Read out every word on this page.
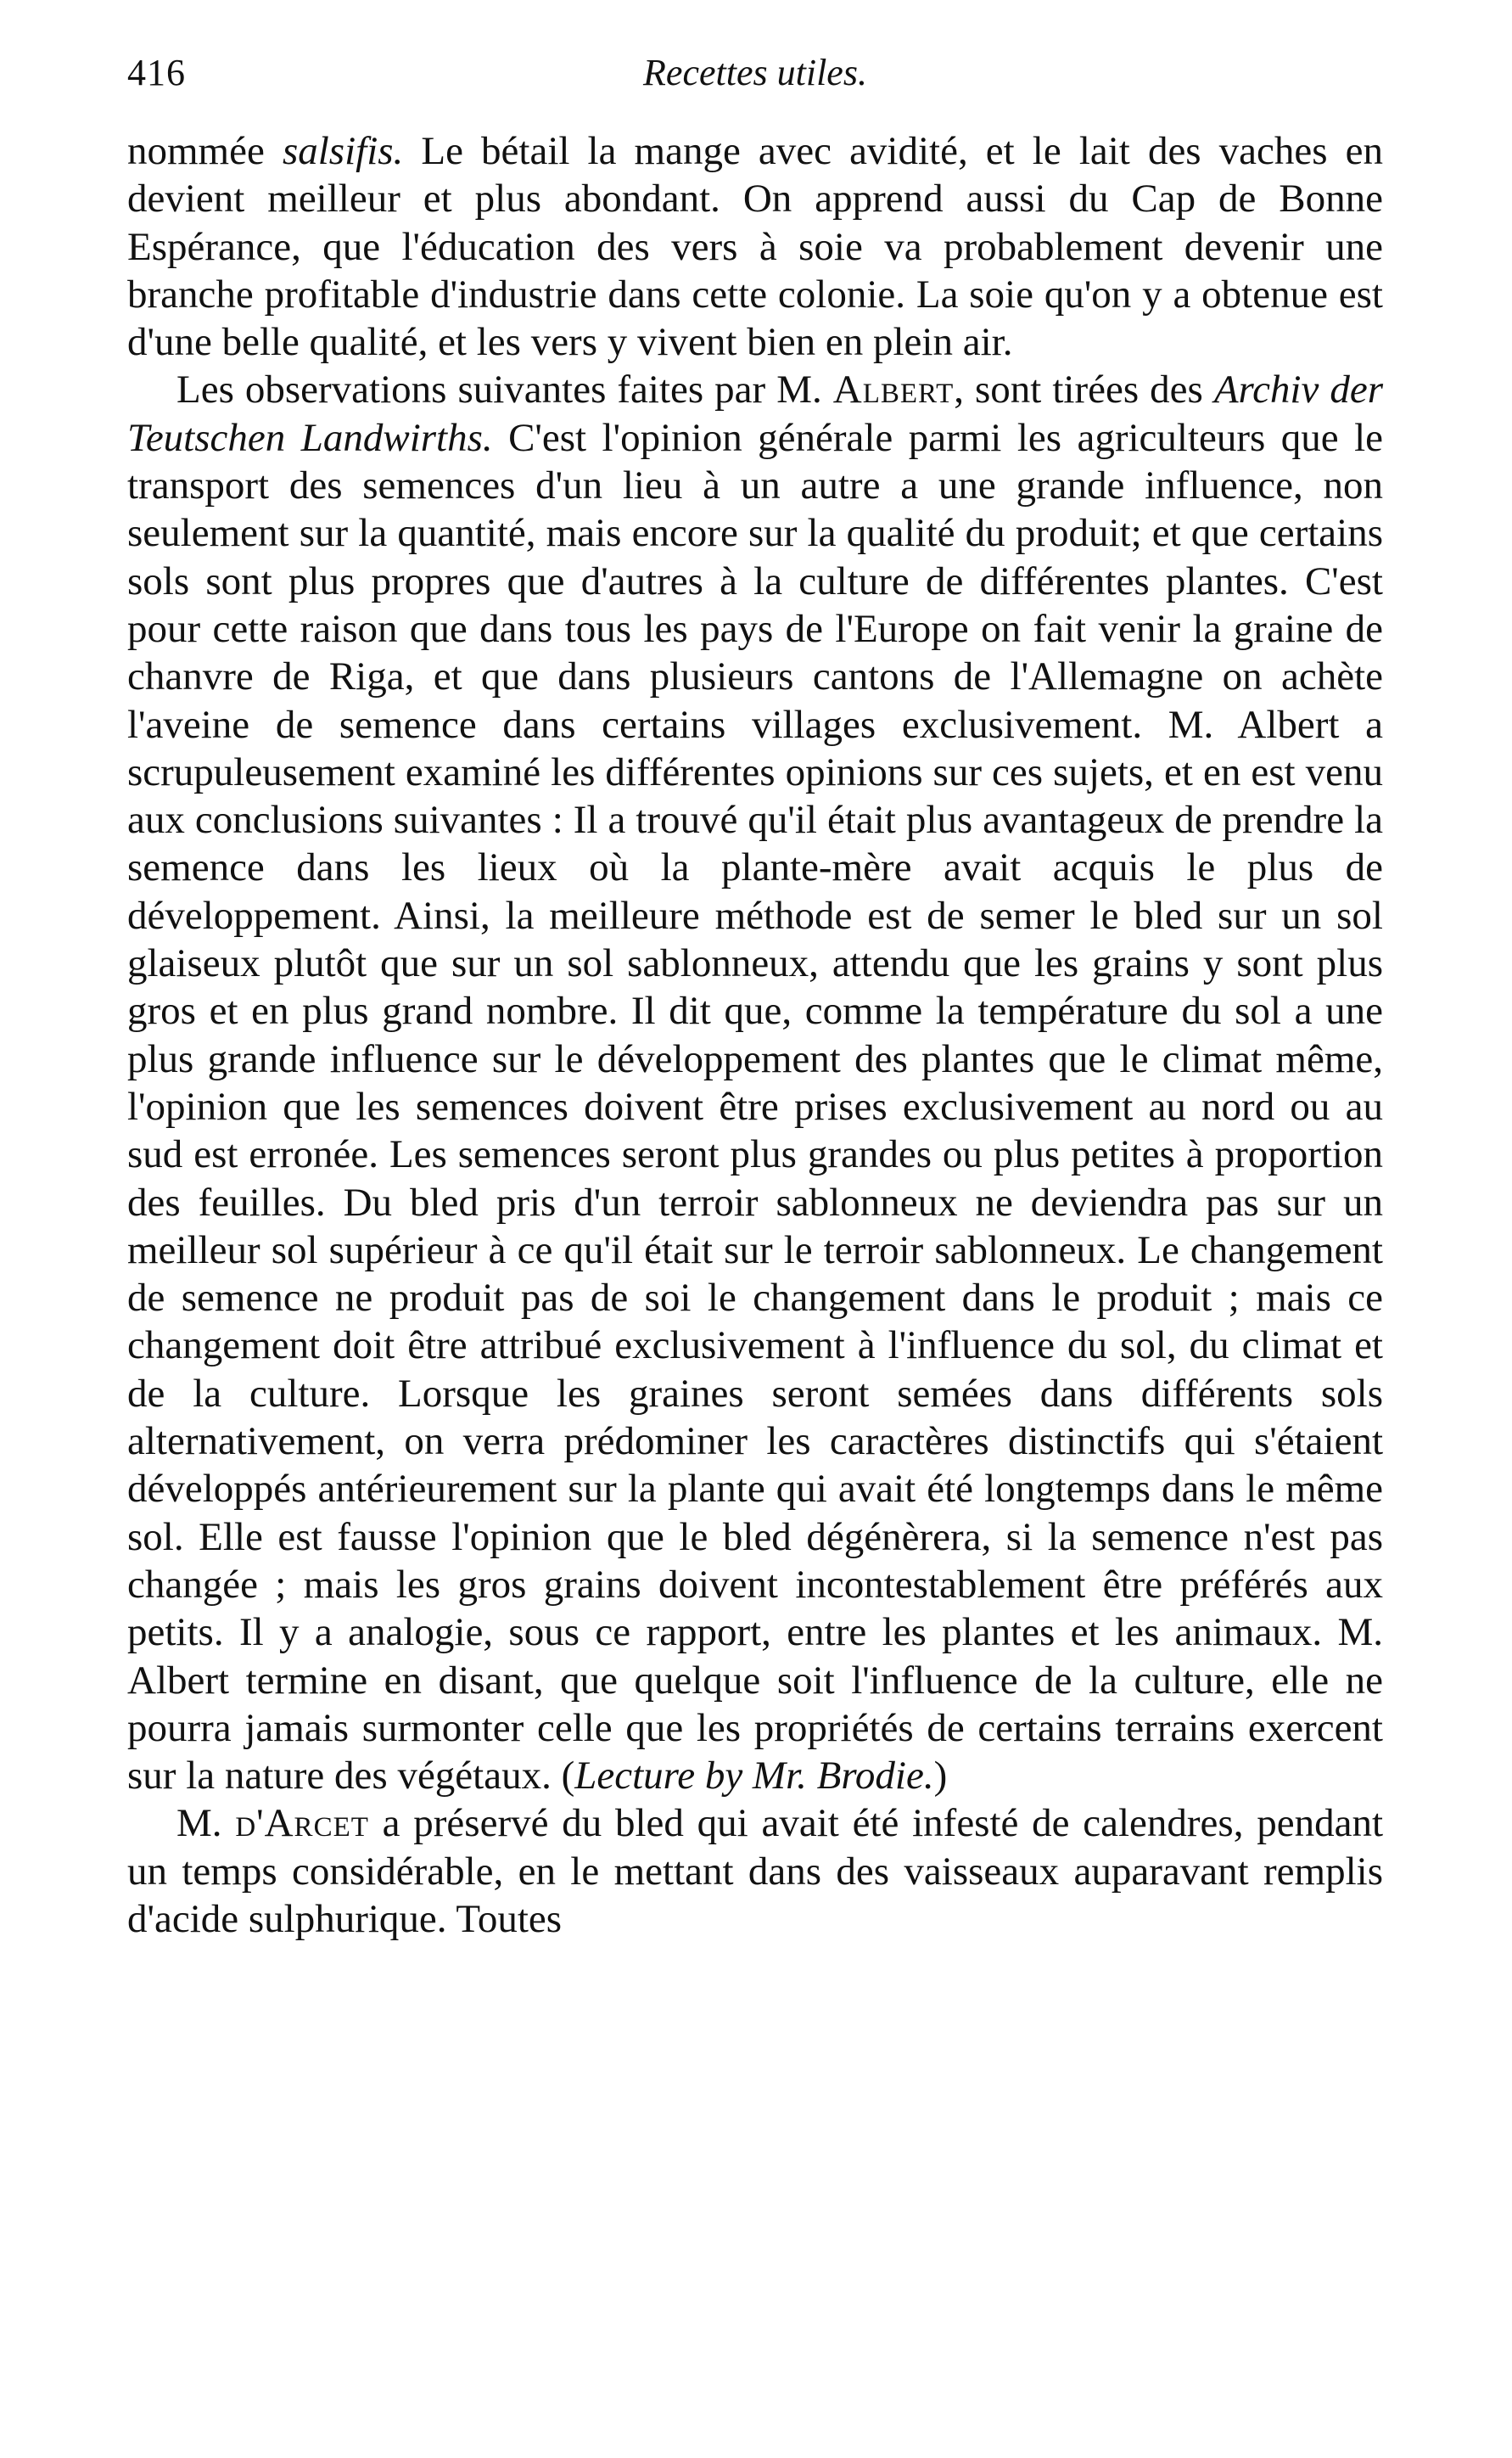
416	Recettes utiles.

nommée salsifis. Le bétail la mange avec avidité, et le lait des vaches en devient meilleur et plus abondant. On apprend aussi du Cap de Bonne Espérance, que l'éducation des vers à soie va probablement devenir une branche profitable d'industrie dans cette colonie. La soie qu'on y a obtenue est d'une belle qualité, et les vers y vivent bien en plein air.

Les observations suivantes faites par M. Albert, sont tirées des Archiv der Teutschen Landwirths. C'est l'opinion générale parmi les agriculteurs que le transport des semences d'un lieu à un autre a une grande influence, non seulement sur la quantité, mais encore sur la qualité du produit; et que certains sols sont plus propres que d'autres à la culture de différentes plantes. C'est pour cette raison que dans tous les pays de l'Europe on fait venir la graine de chanvre de Riga, et que dans plusieurs cantons de l'Allemagne on achète l'aveine de semence dans certains villages exclusivement. M. Albert a scrupuleusement examiné les différentes opinions sur ces sujets, et en est venu aux conclusions suivantes : Il a trouvé qu'il était plus avantageux de prendre la semence dans les lieux où la plante-mère avait acquis le plus de développement. Ainsi, la meilleure méthode est de semer le bled sur un sol glaiseux plutôt que sur un sol sablonneux, attendu que les grains y sont plus gros et en plus grand nombre. Il dit que, comme la température du sol a une plus grande influence sur le développement des plantes que le climat même, l'opinion que les semences doivent être prises exclusivement au nord ou au sud est erronée. Les semences seront plus grandes ou plus petites à proportion des feuilles. Du bled pris d'un terroir sablonneux ne deviendra pas sur un meilleur sol supérieur à ce qu'il était sur le terroir sablonneux. Le changement de semence ne produit pas de soi le changement dans le produit ; mais ce changement doit être attribué exclusivement à l'influence du sol, du climat et de la culture. Lorsque les graines seront semées dans différents sols alternativement, on verra prédominer les caractères distinctifs qui s'étaient développés antérieurement sur la plante qui avait été longtemps dans le même sol. Elle est fausse l'opinion que le bled dégénèrera, si la semence n'est pas changée ; mais les gros grains doivent incontestablement être préférés aux petits. Il y a analogie, sous ce rapport, entre les plantes et les animaux. M. Albert termine en disant, que quelque soit l'influence de la culture, elle ne pourra jamais surmonter celle que les propriétés de certains terrains exercent sur la nature des végétaux. (Lecture by Mr. Brodie.)

M. d'Arcet a préservé du bled qui avait été infesté de calendres, pendant un temps considérable, en le mettant dans des vaisseaux auparavant remplis d'acide sulphurique. Toutes
